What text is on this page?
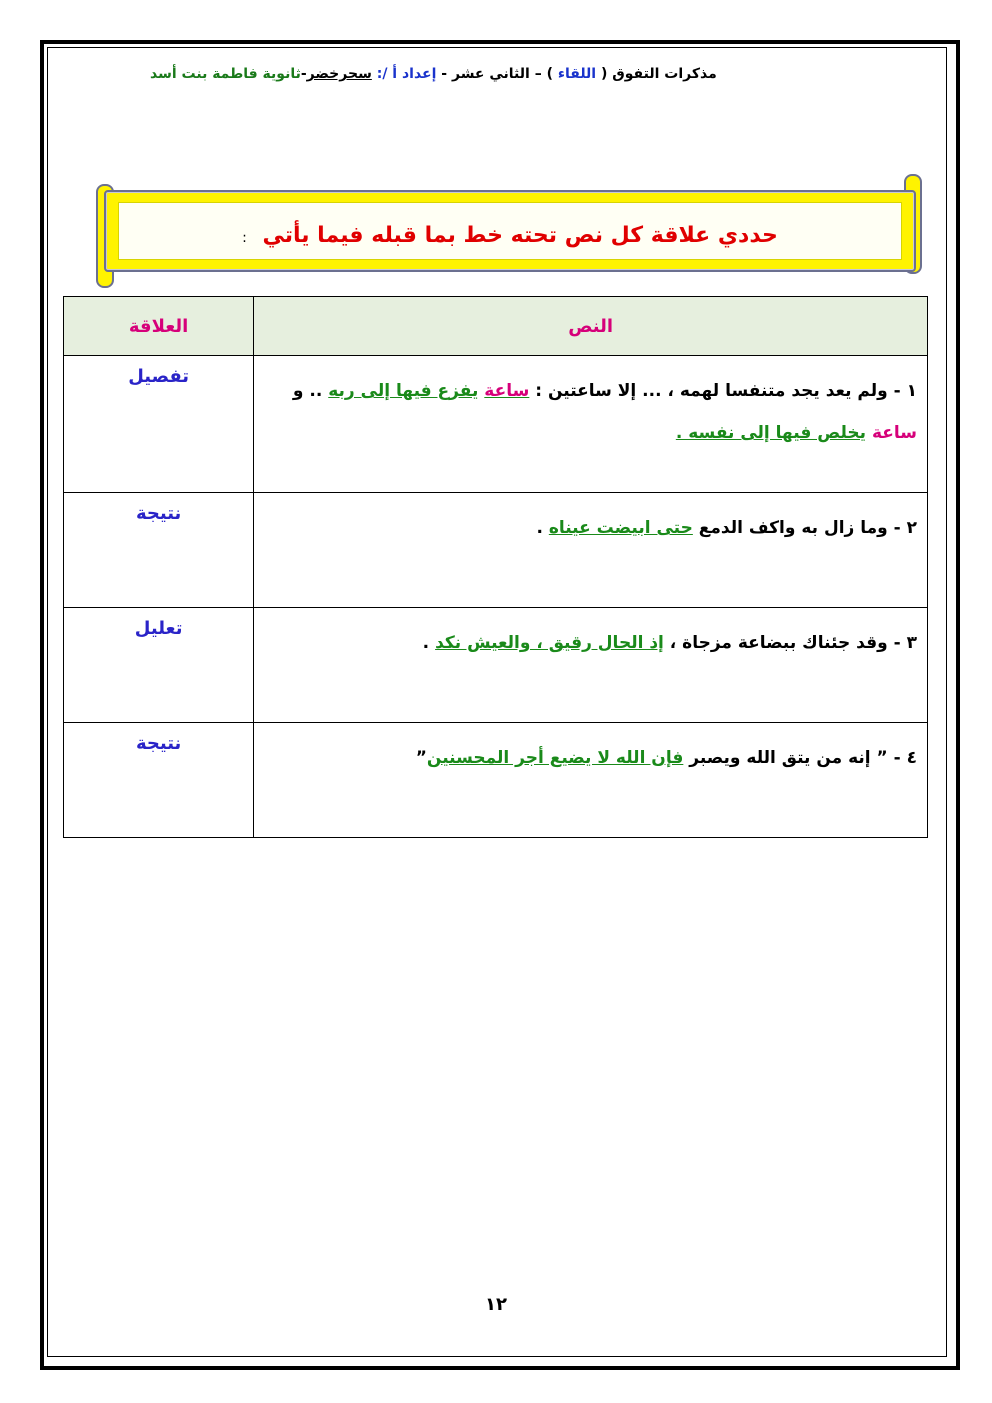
مذكرات التفوق ( اللقاء ) – الثاني عشر - إعداد أ /: سحرخضر-ثانوية فاطمة بنت أسد
حددي علاقة كل نص تحته خط بما قبله فيما يأتي :
النص	العلاقة
١ - ولم يعد يجد متنفسا لهمه ، ... إلا ساعتين : ساعة يفزع فيها إلى ربه .. و ساعة يخلص فيها إلى نفسه .	تفصيل
٢ - وما زال به واكف الدمع حتى ابيضت عيناه .	نتيجة
٣ - وقد جئناك ببضاعة مزجاة ، إذ الحال رقيق ، والعيش نكد .	تعليل
٤ - ” إنه من يتق الله ويصبر فإن الله لا يضيع أجر المحسنين”	نتيجة
١٢
